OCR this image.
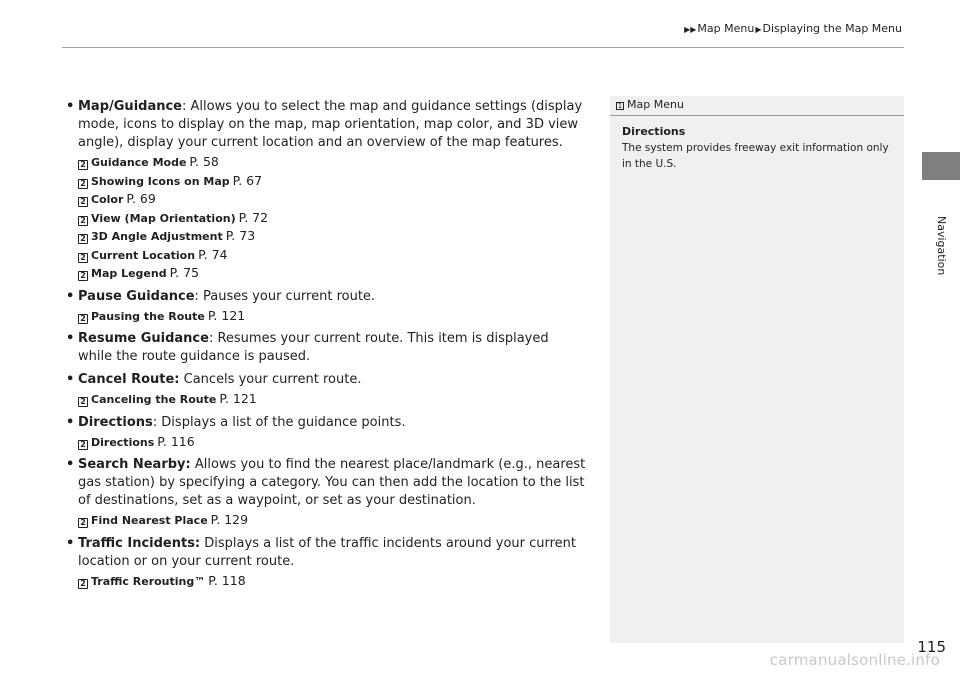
▶▶Map Menu▶Displaying the Map Menu
Navigation
• Map/Guidance: Allows you to select the map and guidance settings (display mode, icons to display on the map, map orientation, map color, and 3D view angle), display your current location and an overview of the map features.
2 Guidance Mode P. 58
2 Showing Icons on Map P. 67
2 Color P. 69
2 View (Map Orientation) P. 72
2 3D Angle Adjustment P. 73
2 Current Location P. 74
2 Map Legend P. 75
• Pause Guidance: Pauses your current route.
2 Pausing the Route P. 121
• Resume Guidance: Resumes your current route. This item is displayed while the route guidance is paused.
• Cancel Route: Cancels your current route.
2 Canceling the Route P. 121
• Directions: Displays a list of the guidance points.
2 Directions P. 116
• Search Nearby: Allows you to find the nearest place/landmark (e.g., nearest gas station) by specifying a category. You can then add the location to the list of destinations, set as a waypoint, or set as your destination.
2 Find Nearest Place P. 129
• Traffic Incidents: Displays a list of the traffic incidents around your current location or on your current route.
2 Traffic Rerouting™ P. 118
1 Map Menu
Directions
The system provides freeway exit information only in the U.S.
115
carmanualsonline.info
